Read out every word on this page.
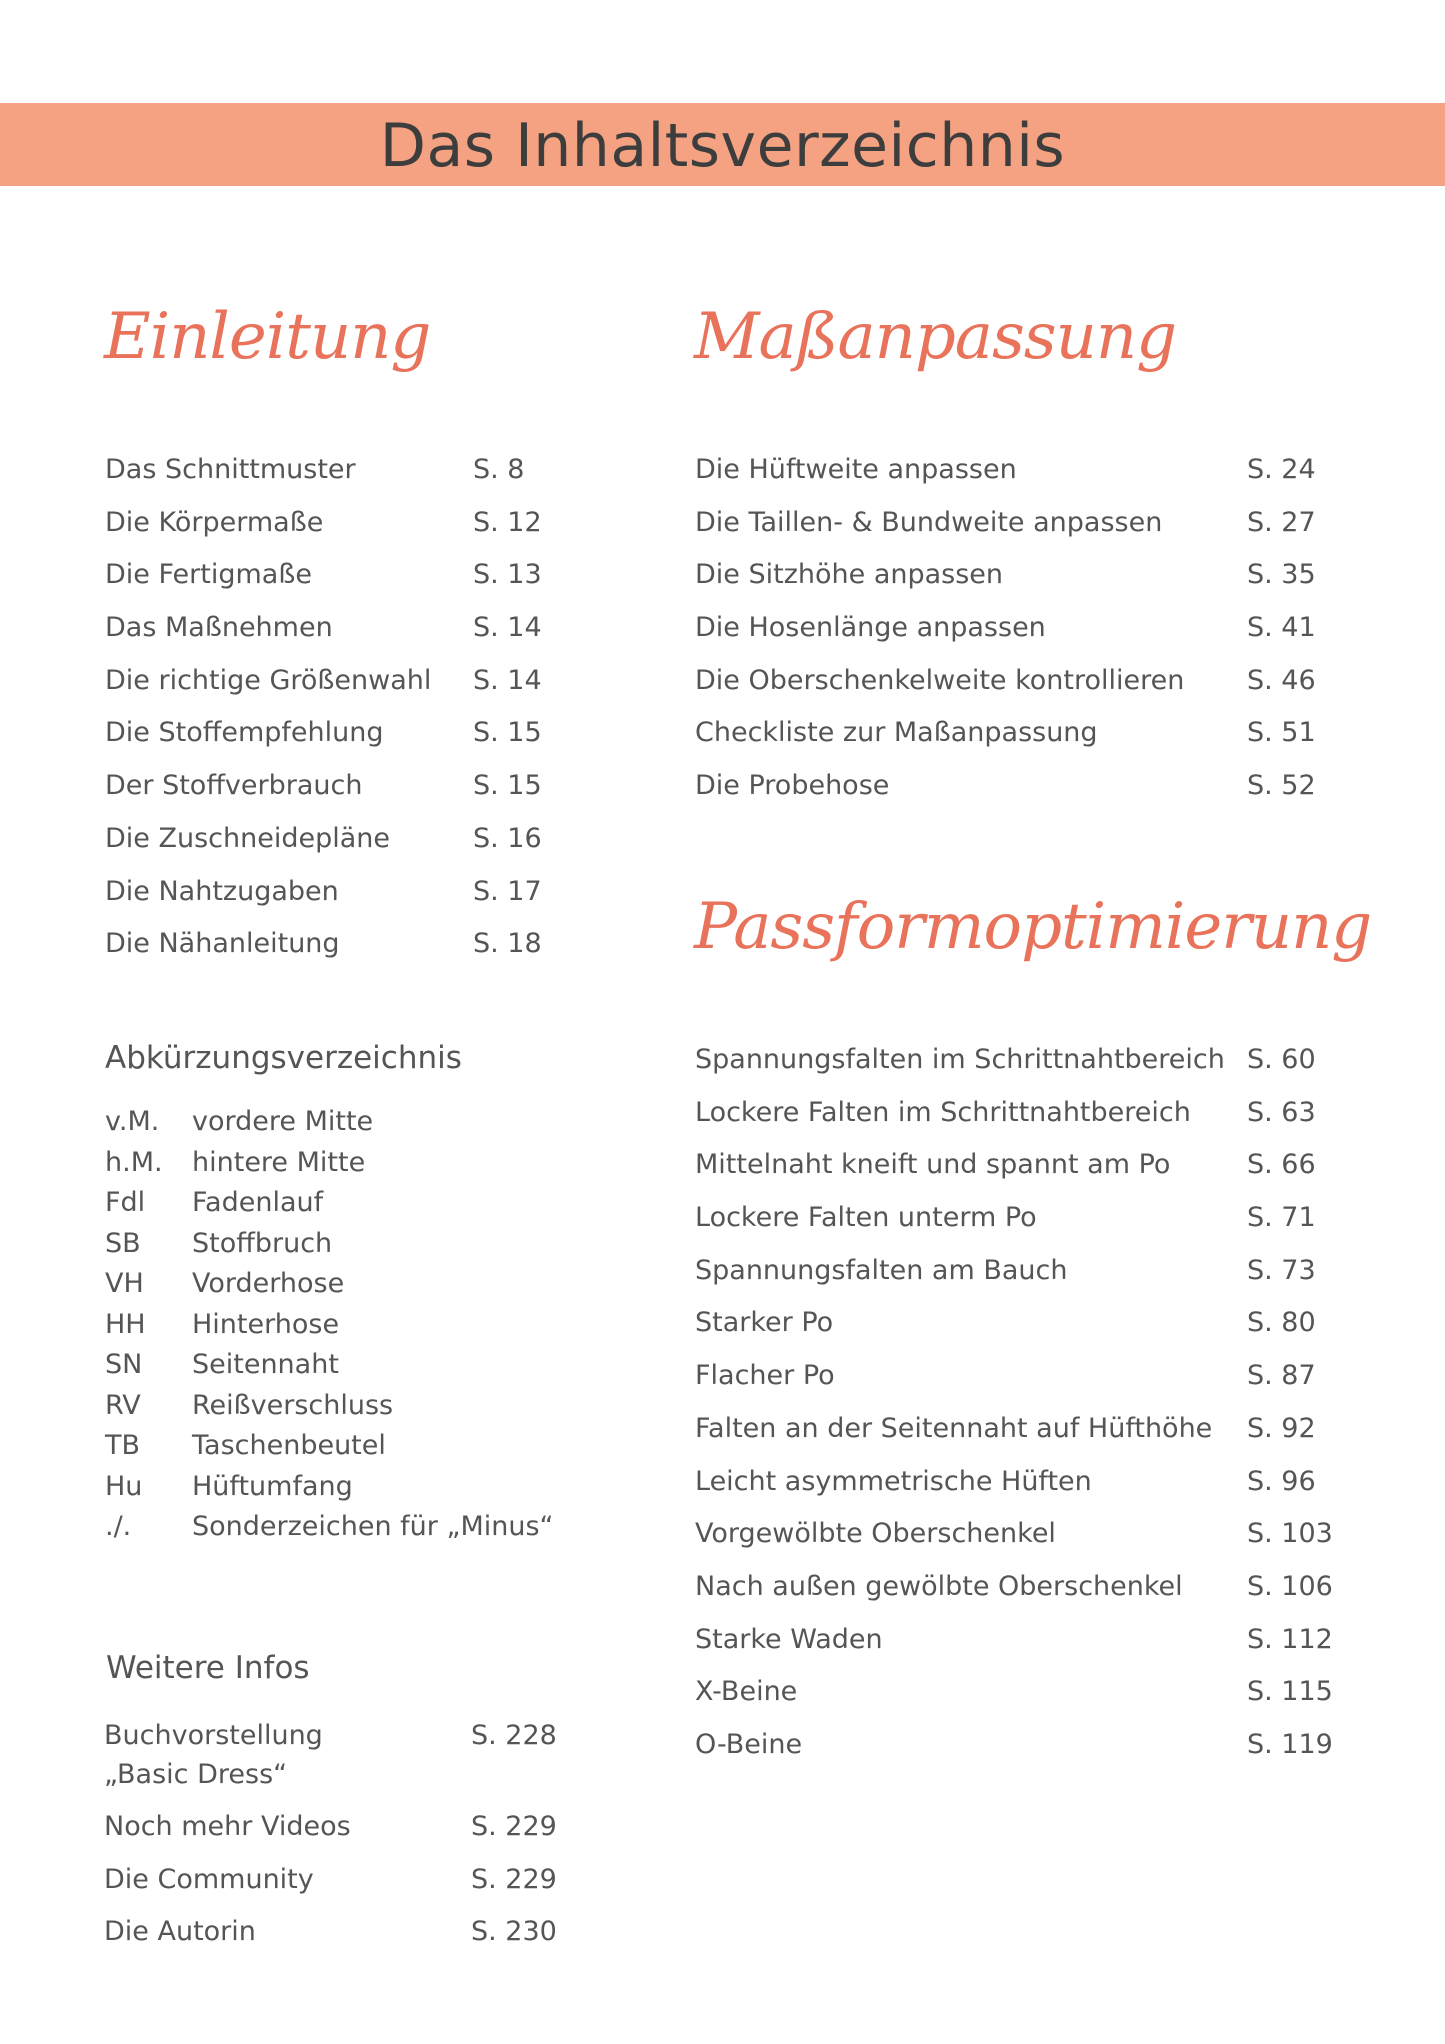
Das Inhaltsverzeichnis
Einleitung
Das Schnittmuster	S. 8
Die Körpermaße	S. 12
Die Fertigmaße	S. 13
Das Maßnehmen	S. 14
Die richtige Größenwahl S. 14
Die Stoffempfehlung	S. 15
Der Stoffverbrauch	S. 15
Die Zuschneidepläne	S. 16
Die Nahtzugaben	S. 17
Die Nähanleitung	S. 18
Abkürzungsverzeichnis
v.M. vordere Mitte
h.M. hintere Mitte
Fdl Fadenlauf
SB Stoffbruch
VH Vorderhose
HH Hinterhose
SN Seitennaht
RV Reißverschluss
TB Taschenbeutel
Hu Hüftumfang
./. Sonderzeichen für „Minus“
Weitere Infos
Buchvorstellung
„Basic Dress“
S. 228
Noch mehr Videos	S. 229
Die Community	S. 229
Die Autorin	S. 230
Maßanpassung
Die Hüftweite anpassen	S. 24
Die Taillen- & Bundweite anpassen	S. 27
Die Sitzhöhe anpassen	S. 35
Die Hosenlänge anpassen	S. 41
Die Oberschenkelweite kontrollieren S. 46
Checkliste zur Maßanpassung	S. 51
Die Probehose	S. 52
Passformoptimierung
Spannungsfalten im Schrittnahtbereich S. 60
Lockere Falten im Schrittnahtbereich S. 63
Mittelnaht kneift und spannt am Po	S. 66
Lockere Falten unterm Po	S. 71
Spannungsfalten am Bauch	S. 73
Starker Po	S. 80
Flacher Po	S. 87
Falten an der Seitennaht auf Hüfthöhe S. 92
Leicht asymmetrische Hüften	S. 96
Vorgewölbte Oberschenkel	S. 103
Nach außen gewölbte Oberschenkel S. 106
Starke Waden	S. 112
X-Beine	S. 115
O-Beine	S. 119
